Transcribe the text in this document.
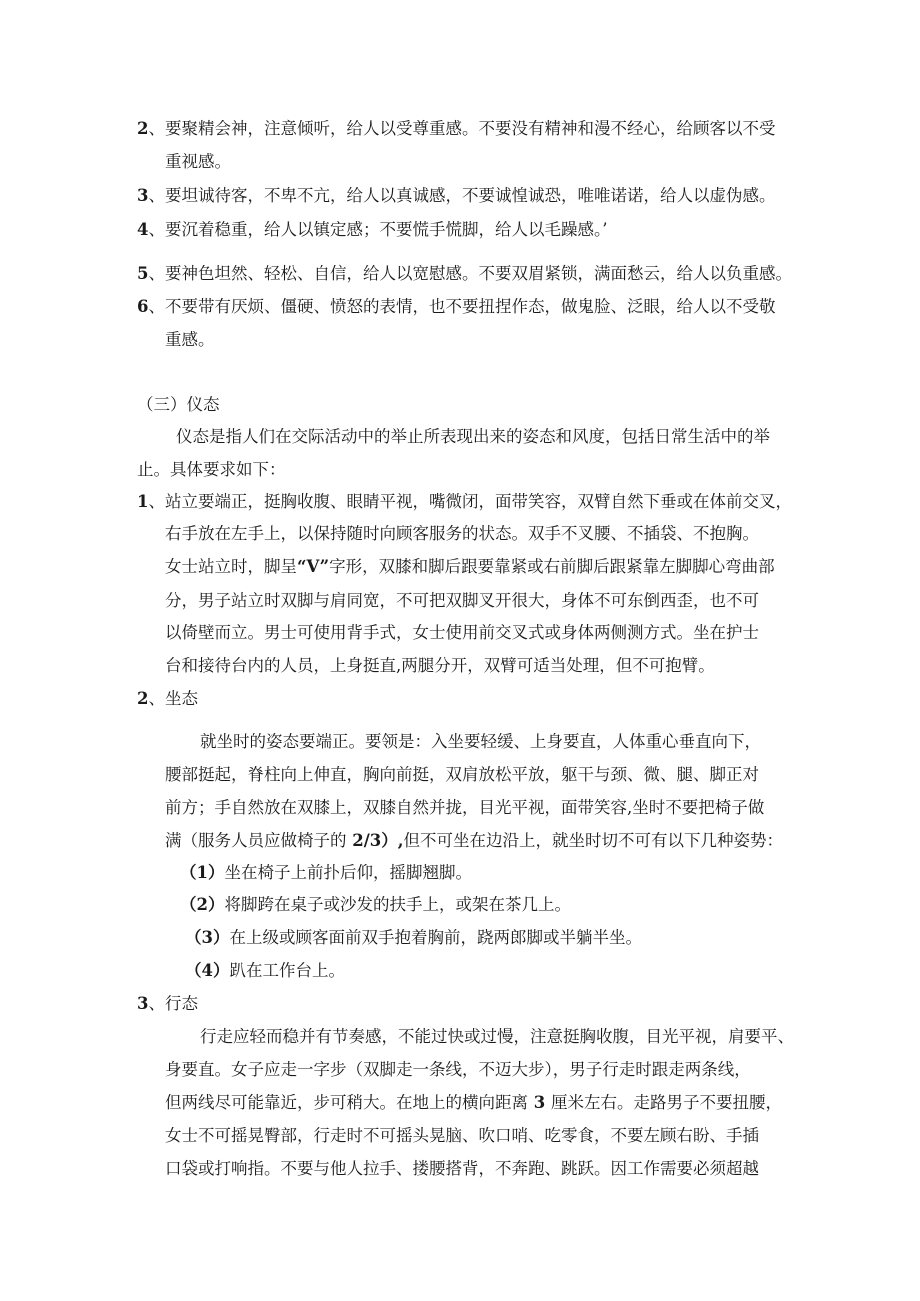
2、要聚精会神，注意倾听，给人以受尊重感。不要没有精神和漫不经心，给顾客以不受
重视感。
3、要坦诚待客，不卑不亢，给人以真诚感，不要诚惶诚恐，唯唯诺诺，给人以虚伪感。
4、要沉着稳重，给人以镇定感；不要慌手慌脚，给人以毛躁感。’
5、要神色坦然、轻松、自信，给人以宽慰感。不要双眉紧锁，满面愁云，给人以负重感。
6、不要带有厌烦、僵硬、愤怒的表情，也不要扭捏作态，做鬼脸、泛眼，给人以不受敬
重感。
（三）仪态
仪态是指人们在交际活动中的举止所表现出来的姿态和风度，包括日常生活中的举
止。具体要求如下：
1、站立要端正，挺胸收腹、眼睛平视，嘴微闭，面带笑容，双臂自然下垂或在体前交叉，
右手放在左手上，以保持随时向顾客服务的状态。双手不叉腰、不插袋、不抱胸。
女士站立时，脚呈“V”字形，双膝和脚后跟要靠紧或右前脚后跟紧靠左脚脚心弯曲部
分，男子站立时双脚与肩同宽，不可把双脚叉开很大，身体不可东倒西歪，也不可
以倚壁而立。男士可使用背手式，女士使用前交叉式或身体两侧测方式。坐在护士
台和接待台内的人员，上身挺直,两腿分开，双臂可适当处理，但不可抱臂。
2、坐态
就坐时的姿态要端正。要领是：入坐要轻缓、上身要直，人体重心垂直向下，
腰部挺起，脊柱向上伸直，胸向前挺，双肩放松平放，躯干与颈、微、腿、脚正对
前方；手自然放在双膝上，双膝自然并拢，目光平视，面带笑容,坐时不要把椅子做
满（服务人员应做椅子的 2/3）,但不可坐在边沿上，就坐时切不可有以下几种姿势：
（1）坐在椅子上前扑后仰，摇脚翘脚。
（2）将脚跨在桌子或沙发的扶手上，或架在茶几上。
（3）在上级或顾客面前双手抱着胸前，跷两郎脚或半躺半坐。
（4）趴在工作台上。
3、行态
行走应轻而稳并有节奏感，不能过快或过慢，注意挺胸收腹，目光平视，肩要平、
身要直。女子应走一字步（双脚走一条线，不迈大步），男子行走时跟走两条线，
但两线尽可能靠近，步可稍大。在地上的横向距离 3 厘米左右。走路男子不要扭腰，
女士不可摇晃臀部，行走时不可摇头晃脑、吹口哨、吃零食，不要左顾右盼、手插
口袋或打响指。不要与他人拉手、搂腰搭背，不奔跑、跳跃。因工作需要必须超越
